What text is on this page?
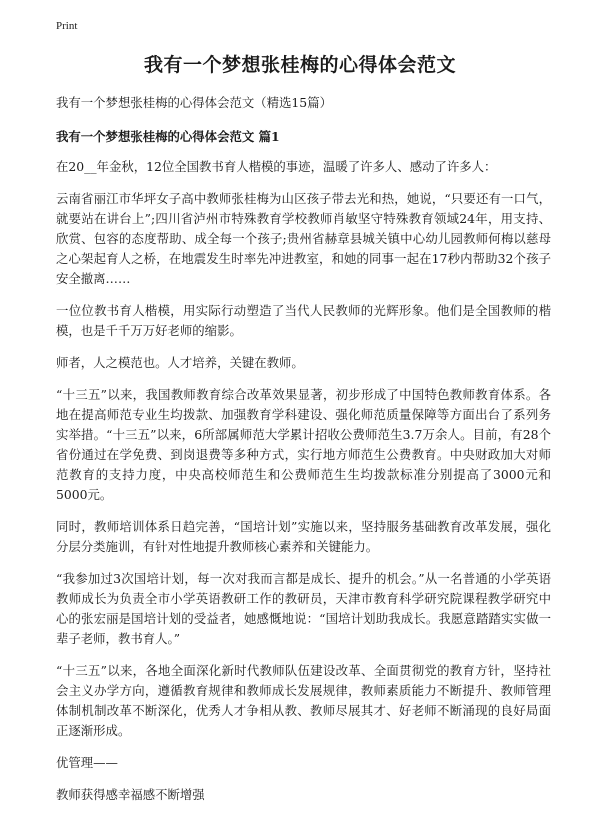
Print
我有一个梦想张桂梅的心得体会范文

我有一个梦想张桂梅的心得体会范文（精选15篇）

我有一个梦想张桂梅的心得体会范文 篇1

在20__年金秋，12位全国教书育人楷模的事迹，温暖了许多人、感动了许多人：

云南省丽江市华坪女子高中教师张桂梅为山区孩子带去光和热，她说，“只要还有一口气，就要站在讲台上”;四川省泸州市特殊教育学校教师肖敏坚守特殊教育领域24年，用支持、欣赏、包容的态度帮助、成全每一个孩子;贵州省赫章县城关镇中心幼儿园教师何梅以慈母之心架起育人之桥，在地震发生时率先冲进教室，和她的同事一起在17秒内帮助32个孩子安全撤离……

一位位教书育人楷模，用实际行动塑造了当代人民教师的光辉形象。他们是全国教师的楷模，也是千千万万好老师的缩影。

师者，人之模范也。人才培养，关键在教师。

“十三五”以来，我国教师教育综合改革效果显著，初步形成了中国特色教师教育体系。各地在提高师范专业生均拨款、加强教育学科建设、强化师范质量保障等方面出台了系列务实举措。“十三五”以来，6所部属师范大学累计招收公费师范生3.7万余人。目前，有28个省份通过在学免费、到岗退费等多种方式，实行地方师范生公费教育。中央财政加大对师范教育的支持力度，中央高校师范生和公费师范生生均拨款标准分别提高了3000元和5000元。

同时，教师培训体系日趋完善，“国培计划”实施以来，坚持服务基础教育改革发展，强化分层分类施训，有针对性地提升教师核心素养和关键能力。

“我参加过3次国培计划，每一次对我而言都是成长、提升的机会。”从一名普通的小学英语教师成长为负责全市小学英语教研工作的教研员，天津市教育科学研究院课程教学研究中心的张宏丽是国培计划的受益者，她感慨地说：“国培计划助我成长。我愿意踏踏实实做一辈子老师，教书育人。”

“十三五”以来，各地全面深化新时代教师队伍建设改革、全面贯彻党的教育方针，坚持社会主义办学方向，遵循教育规律和教师成长发展规律，教师素质能力不断提升、教师管理体制机制改革不断深化，优秀人才争相从教、教师尽展其才、好老师不断涌现的良好局面正逐渐形成。

优管理——

教师获得感幸福感不断增强
